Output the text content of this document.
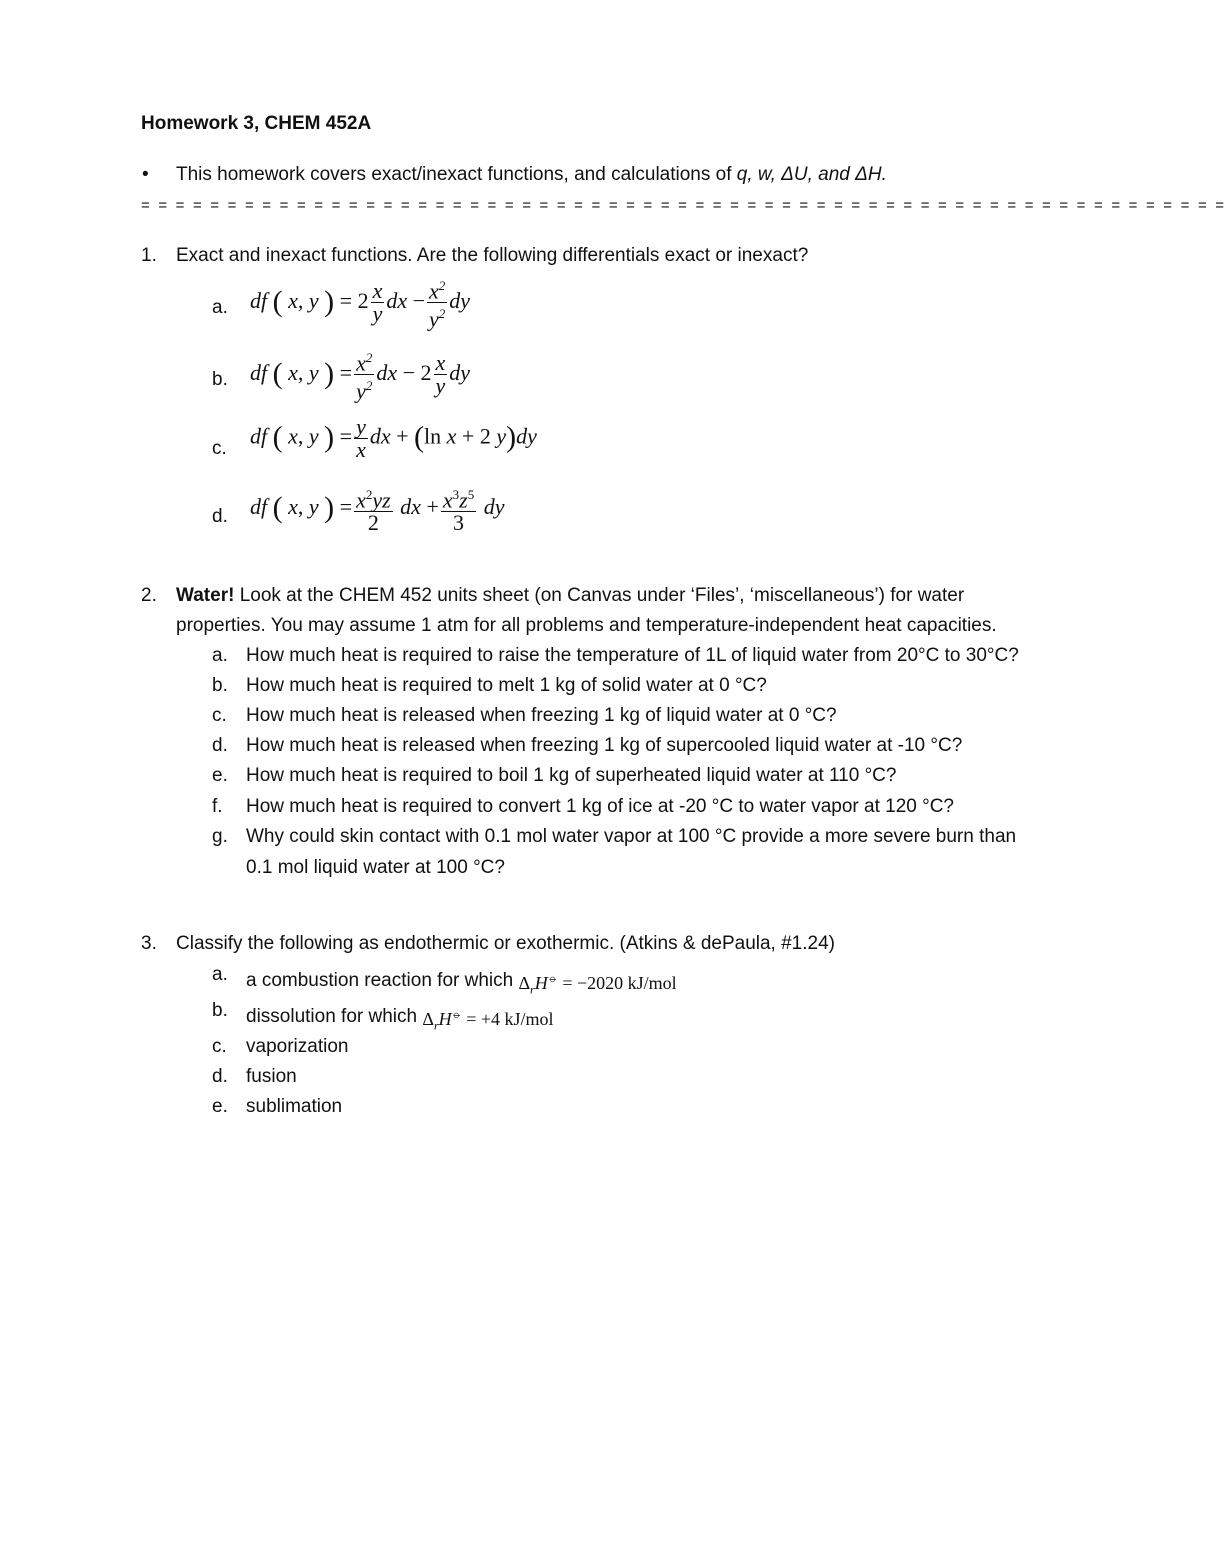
Homework 3, CHEM 452A
• This homework covers exact/inexact functions, and calculations of q, w, ΔU, and ΔH.
= = = = = = = = = = = = = = = = = = = = = = = = = = = = = = = = = = = = = = = = = = = = = = = = = = = = = = = = = = = = = = =
1. Exact and inexact functions. Are the following differentials exact or inexact?
a. df ( x, y ) = $2 \frac{x}{y}$ dx − $\frac{x^2}{y^2}$ dy
b. df ( x, y ) = $\frac{x^2}{y^2}$ dx − $2 \frac{x}{y}$ dy
c. df ( x, y ) = $\frac{y}{x}$ dx + (ln x + 2 y)dy
d. df ( x, y ) = $\frac{x^2yz}{2}$ dx + $\frac{x^3z^5}{3}$ dy
2. Water! Look at the CHEM 452 units sheet (on Canvas under ‘Files’, ‘miscellaneous’) for water
properties. You may assume 1 atm for all problems and temperature-independent heat capacities.
a. How much heat is required to raise the temperature of 1L of liquid water from 20°C to 30°C?
b. How much heat is required to melt 1 kg of solid water at 0 °C?
c. How much heat is released when freezing 1 kg of liquid water at 0 °C?
d. How much heat is released when freezing 1 kg of supercooled liquid water at -10 °C?
e. How much heat is required to boil 1 kg of superheated liquid water at 110 °C?
f. How much heat is required to convert 1 kg of ice at -20 °C to water vapor at 120 °C?
g. Why could skin contact with 0.1 mol water vapor at 100 °C provide a more severe burn than
0.1 mol liquid water at 100 °C?
3. Classify the following as endothermic or exothermic. (Atkins & dePaula, #1.24)
a. a combustion reaction for which $\Delta_rH^⦵ = -2020$ kJ/mol
b. dissolution for which $\Delta_rH^⦵ = +4$ kJ/mol
c. vaporization
d. fusion
e. sublimation
